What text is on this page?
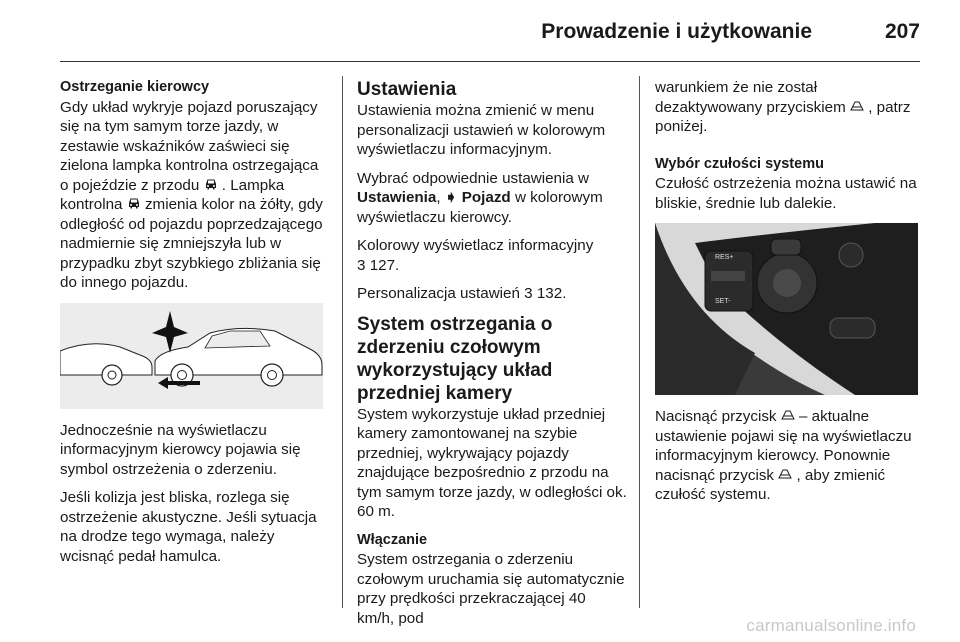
Prowadzenie i użytkowanie	207
Ostrzeganie kierowcy

Gdy układ wykryje pojazd poruszający się na tym samym torze jazdy, w zestawie wskaźników zaświeci się zielona lampka kontrolna ostrzegająca o pojeździe z przodu . Lampka kontrolna zmienia kolor na żółty, gdy odległość od pojazdu poprzedzającego nadmiernie się zmniejszyła lub w przypadku zbyt szybkiego zbliżania się do innego pojazdu.

Jednocześnie na wyświetlaczu informacyjnym kierowcy pojawia się symbol ostrzeżenia o zderzeniu.

Jeśli kolizja jest bliska, rozlega się ostrzeżenie akustyczne. Jeśli sytuacja na drodze tego wymaga, należy wcisnąć pedał hamulca.

Ustawienia

Ustawienia można zmienić w menu personalizacji ustawień w kolorowym wyświetlaczu informacyjnym.

Wybrać odpowiednie ustawienia w Ustawienia, ➧ Pojazd w kolorowym wyświetlaczu kierowcy.

Kolorowy wyświetlacz informacyjny
3 127.

Personalizacja ustawień 3 132.

System ostrzegania o zderzeniu czołowym wykorzystujący układ przedniej kamery

System wykorzystuje układ przedniej kamery zamontowanej na szybie przedniej, wykrywający pojazdy znajdujące bezpośrednio z przodu na tym samym torze jazdy, w odległości ok. 60 m.

Włączanie

System ostrzegania o zderzeniu czołowym uruchamia się automatycznie przy prędkości przekraczającej 40 km/h, pod

warunkiem że nie został dezaktywowany przyciskiem , patrz poniżej.

Wybór czułości systemu

Czułość ostrzeżenia można ustawić na bliskie, średnie lub dalekie.

RES+
SET-

Nacisnąć przycisk – aktualne ustawienie pojawi się na wyświetlaczu informacyjnym kierowcy. Ponownie nacisnąć przycisk , aby zmienić czułość systemu.

carmanualsonline.info
